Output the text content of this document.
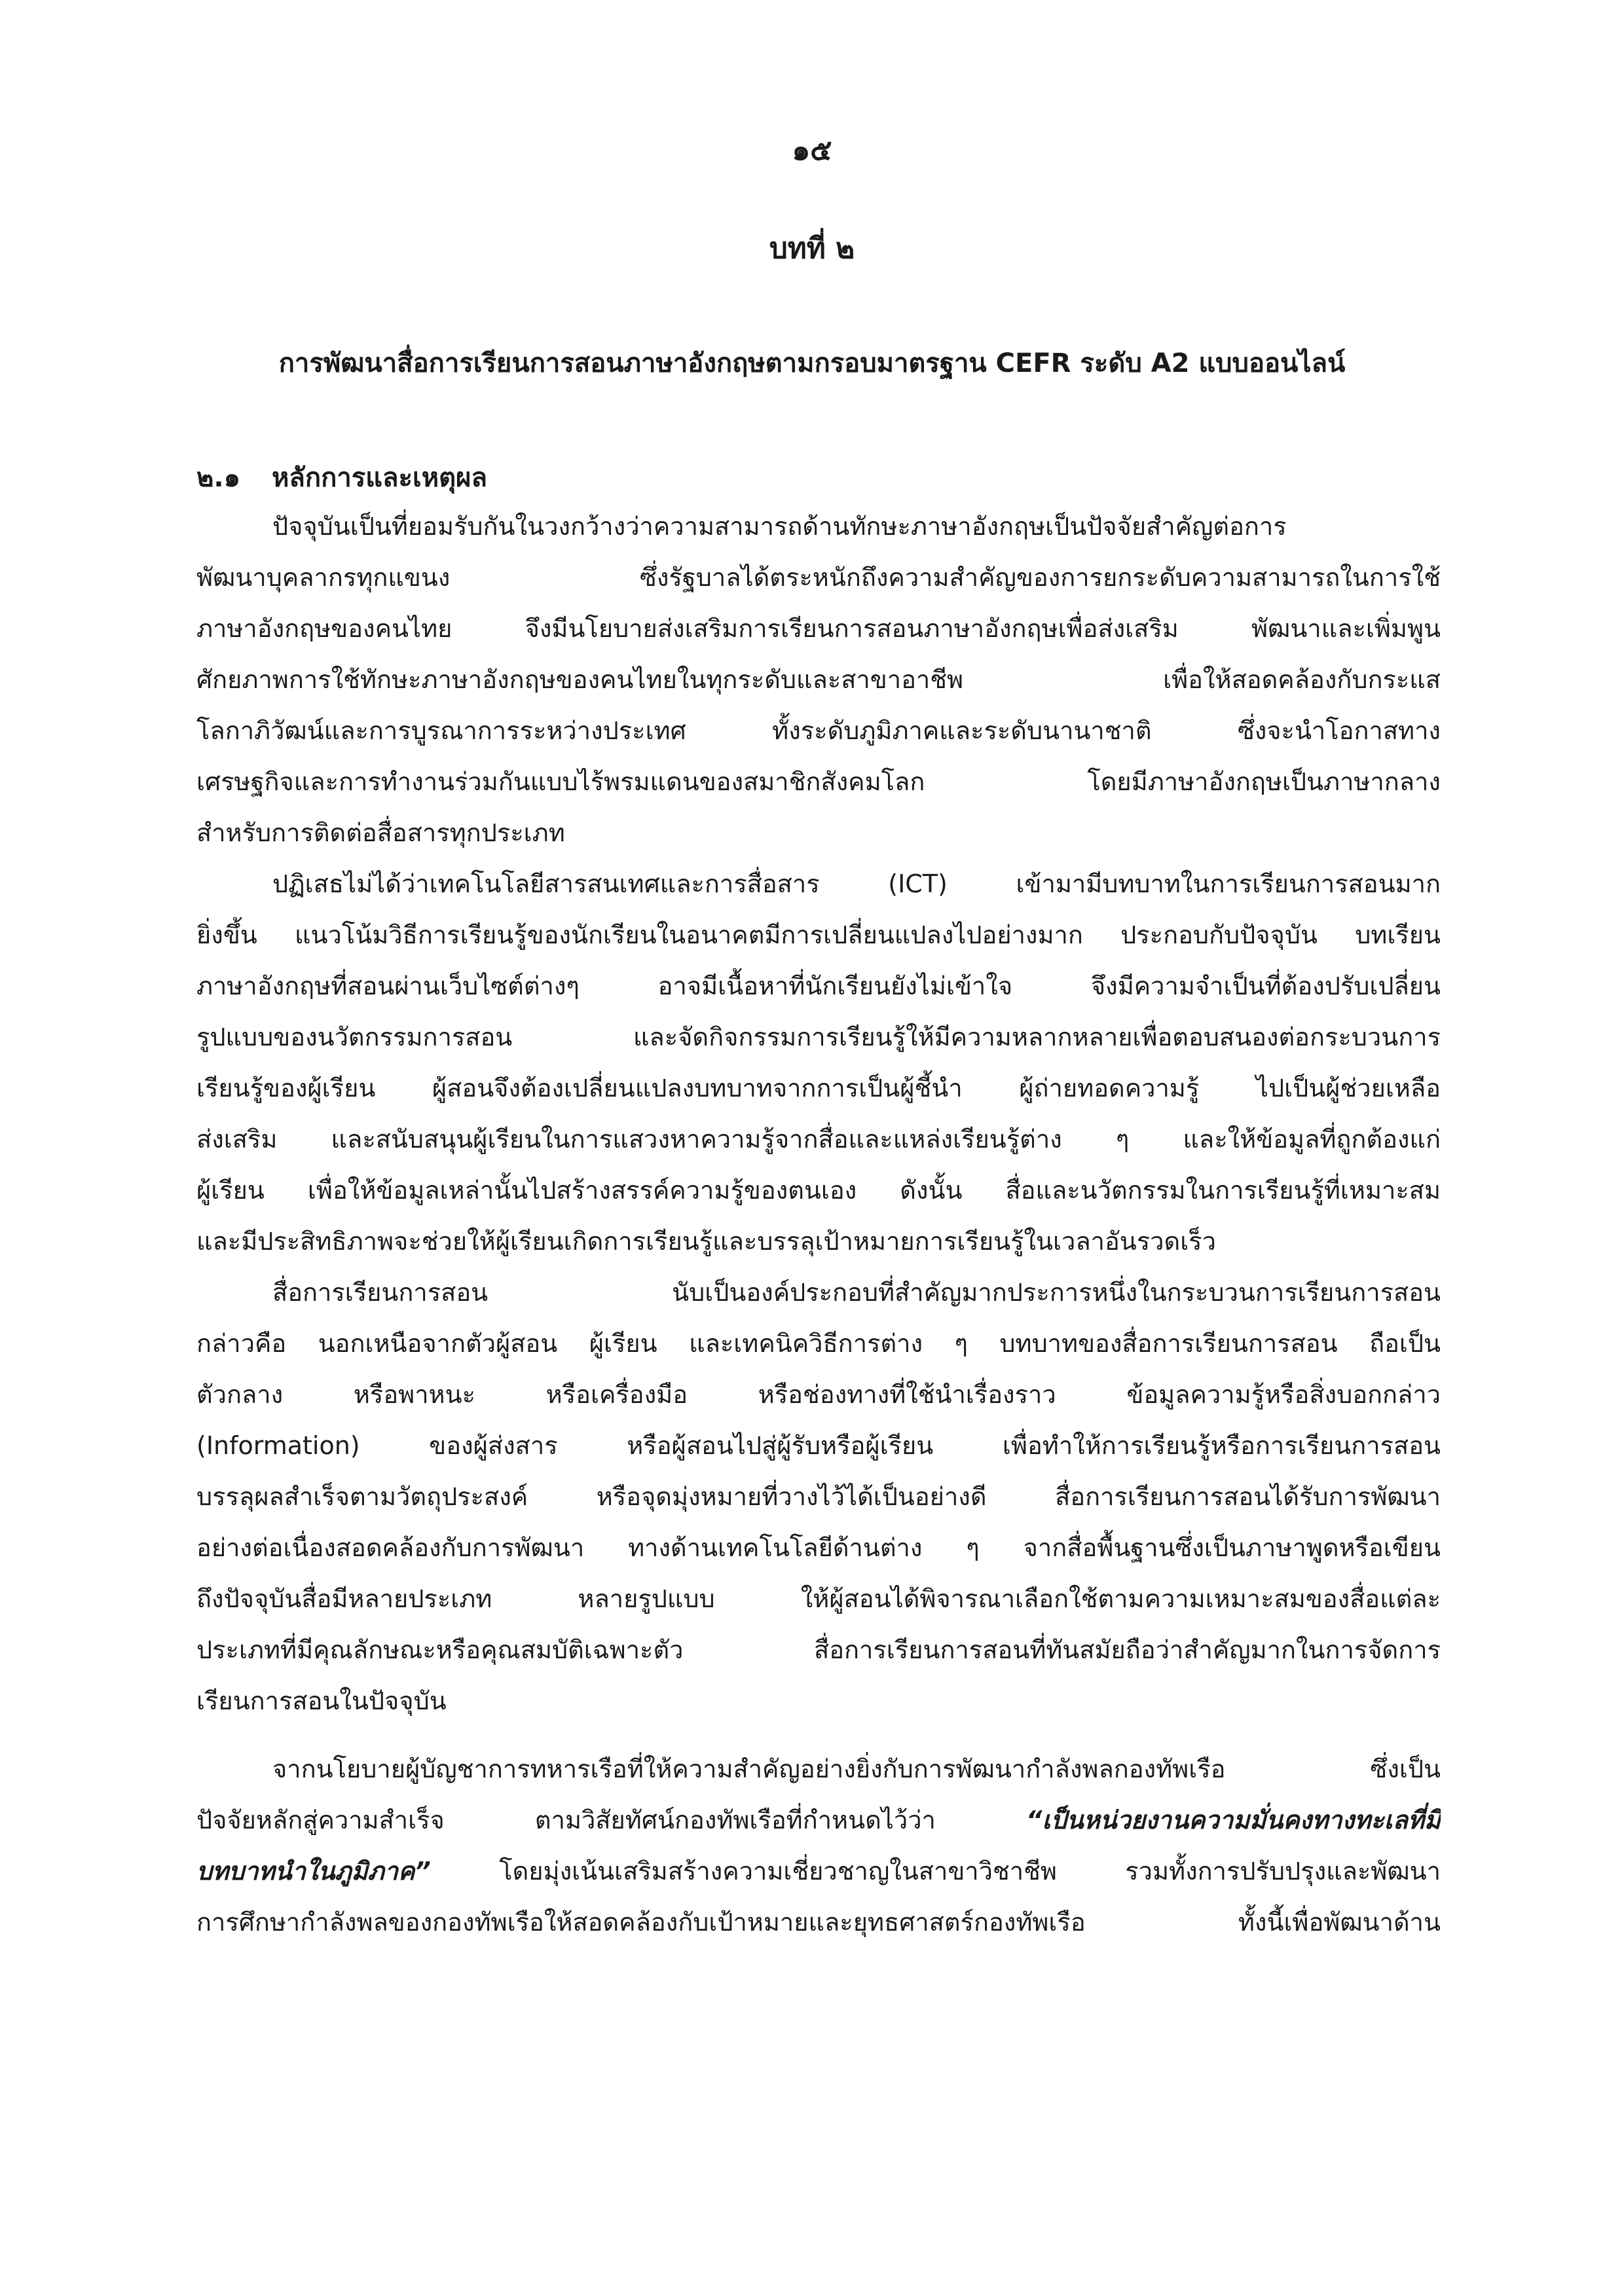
๑๕
บทที่ ๒
การพัฒนาสื่อการเรียนการสอนภาษาอังกฤษตามกรอบมาตรฐาน CEFR ระดับ A2 แบบออนไลน์
๒.๑ หลักการและเหตุผล
ปัจจุบันเป็นที่ยอมรับกันในวงกว้างว่าความสามารถด้านทักษะภาษาอังกฤษเป็นปัจจัยสำคัญต่อการ
พัฒนาบุคลากรทุกแขนง ซึ่งรัฐบาลได้ตระหนักถึงความสำคัญของการยกระดับความสามารถในการใช้
ภาษาอังกฤษของคนไทย จึงมีนโยบายส่งเสริมการเรียนการสอนภาษาอังกฤษเพื่อส่งเสริม พัฒนาและเพิ่มพูน
ศักยภาพการใช้ทักษะภาษาอังกฤษของคนไทยในทุกระดับและสาขาอาชีพ เพื่อให้สอดคล้องกับกระแส
โลกาภิวัฒน์และการบูรณาการระหว่างประเทศ ทั้งระดับภูมิภาคและระดับนานาชาติ ซึ่งจะนำโอกาสทาง
เศรษฐกิจและการทำงานร่วมกันแบบไร้พรมแดนของสมาชิกสังคมโลก โดยมีภาษาอังกฤษเป็นภาษากลาง
สำหรับการติดต่อสื่อสารทุกประเภท
ปฏิเสธไม่ได้ว่าเทคโนโลยีสารสนเทศและการสื่อสาร (ICT) เข้ามามีบทบาทในการเรียนการสอนมาก
ยิ่งขึ้น แนวโน้มวิธีการเรียนรู้ของนักเรียนในอนาคตมีการเปลี่ยนแปลงไปอย่างมาก ประกอบกับปัจจุบัน บทเรียน
ภาษาอังกฤษที่สอนผ่านเว็บไซต์ต่างๆ อาจมีเนื้อหาที่นักเรียนยังไม่เข้าใจ จึงมีความจำเป็นที่ต้องปรับเปลี่ยน
รูปแบบของนวัตกรรมการสอน และจัดกิจกรรมการเรียนรู้ให้มีความหลากหลายเพื่อตอบสนองต่อกระบวนการ
เรียนรู้ของผู้เรียน ผู้สอนจึงต้องเปลี่ยนแปลงบทบาทจากการเป็นผู้ชี้นำ ผู้ถ่ายทอดความรู้ ไปเป็นผู้ช่วยเหลือ
ส่งเสริม และสนับสนุนผู้เรียนในการแสวงหาความรู้จากสื่อและแหล่งเรียนรู้ต่าง ๆ และให้ข้อมูลที่ถูกต้องแก่
ผู้เรียน เพื่อให้ข้อมูลเหล่านั้นไปสร้างสรรค์ความรู้ของตนเอง ดังนั้น สื่อและนวัตกรรมในการเรียนรู้ที่เหมาะสม
และมีประสิทธิภาพจะช่วยให้ผู้เรียนเกิดการเรียนรู้และบรรลุเป้าหมายการเรียนรู้ในเวลาอันรวดเร็ว
สื่อการเรียนการสอน นับเป็นองค์ประกอบที่สำคัญมากประการหนึ่งในกระบวนการเรียนการสอน
กล่าวคือ นอกเหนือจากตัวผู้สอน ผู้เรียน และเทคนิควิธีการต่าง ๆ บทบาทของสื่อการเรียนการสอน ถือเป็น
ตัวกลาง หรือพาหนะ หรือเครื่องมือ หรือช่องทางที่ใช้นำเรื่องราว ข้อมูลความรู้หรือสิ่งบอกกล่าว
(Information) ของผู้ส่งสาร หรือผู้สอนไปสู่ผู้รับหรือผู้เรียน เพื่อทำให้การเรียนรู้หรือการเรียนการสอน
บรรลุผลสำเร็จตามวัตถุประสงค์ หรือจุดมุ่งหมายที่วางไว้ได้เป็นอย่างดี สื่อการเรียนการสอนได้รับการพัฒนา
อย่างต่อเนื่องสอดคล้องกับการพัฒนา ทางด้านเทคโนโลยีด้านต่าง ๆ จากสื่อพื้นฐานซึ่งเป็นภาษาพูดหรือเขียน
ถึงปัจจุบันสื่อมีหลายประเภท หลายรูปแบบ ให้ผู้สอนได้พิจารณาเลือกใช้ตามความเหมาะสมของสื่อแต่ละ
ประเภทที่มีคุณลักษณะหรือคุณสมบัติเฉพาะตัว สื่อการเรียนการสอนที่ทันสมัยถือว่าสำคัญมากในการจัดการ
เรียนการสอนในปัจจุบัน
จากนโยบายผู้บัญชาการทหารเรือที่ให้ความสำคัญอย่างยิ่งกับการพัฒนากำลังพลกองทัพเรือ ซึ่งเป็น
ปัจจัยหลักสู่ความสำเร็จ ตามวิสัยทัศน์กองทัพเรือที่กำหนดไว้ว่า “เป็นหน่วยงานความมั่นคงทางทะเลที่มี
บทบาทนำในภูมิภาค” โดยมุ่งเน้นเสริมสร้างความเชี่ยวชาญในสาขาวิชาชีพ รวมทั้งการปรับปรุงและพัฒนา
การศึกษากำลังพลของกองทัพเรือให้สอดคล้องกับเป้าหมายและยุทธศาสตร์กองทัพเรือ ทั้งนี้เพื่อพัฒนาด้าน
